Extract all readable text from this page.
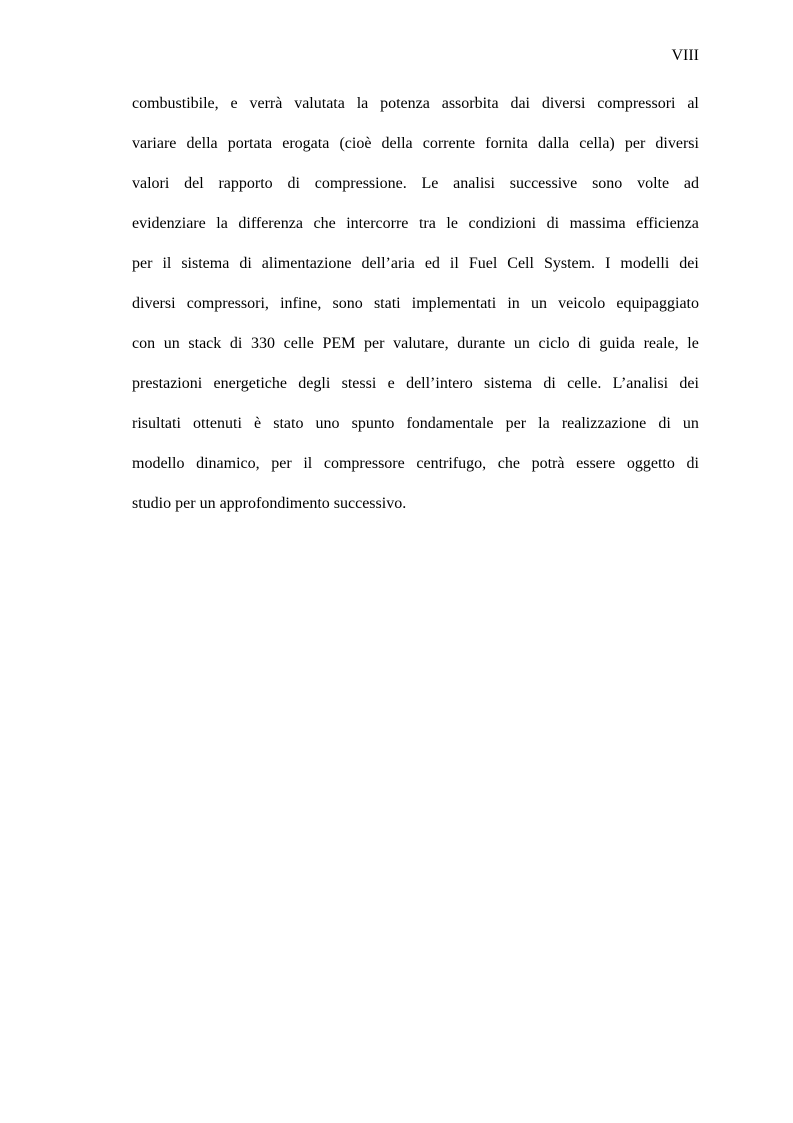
VIII
combustibile, e verrà valutata la potenza assorbita dai diversi compressori al
variare della portata erogata (cioè della corrente fornita dalla cella) per diversi
valori del rapporto di compressione. Le analisi successive sono volte ad
evidenziare la differenza che intercorre tra le condizioni di massima efficienza
per il sistema di alimentazione dell’aria ed il Fuel Cell System. I modelli dei
diversi compressori, infine, sono stati implementati in un veicolo equipaggiato
con un stack di 330 celle PEM per valutare, durante un ciclo di guida reale, le
prestazioni energetiche degli stessi e dell’intero sistema di celle. L’analisi dei
risultati ottenuti è stato uno spunto fondamentale per la realizzazione di un
modello dinamico, per il compressore centrifugo, che potrà essere oggetto di
studio per un approfondimento successivo.
